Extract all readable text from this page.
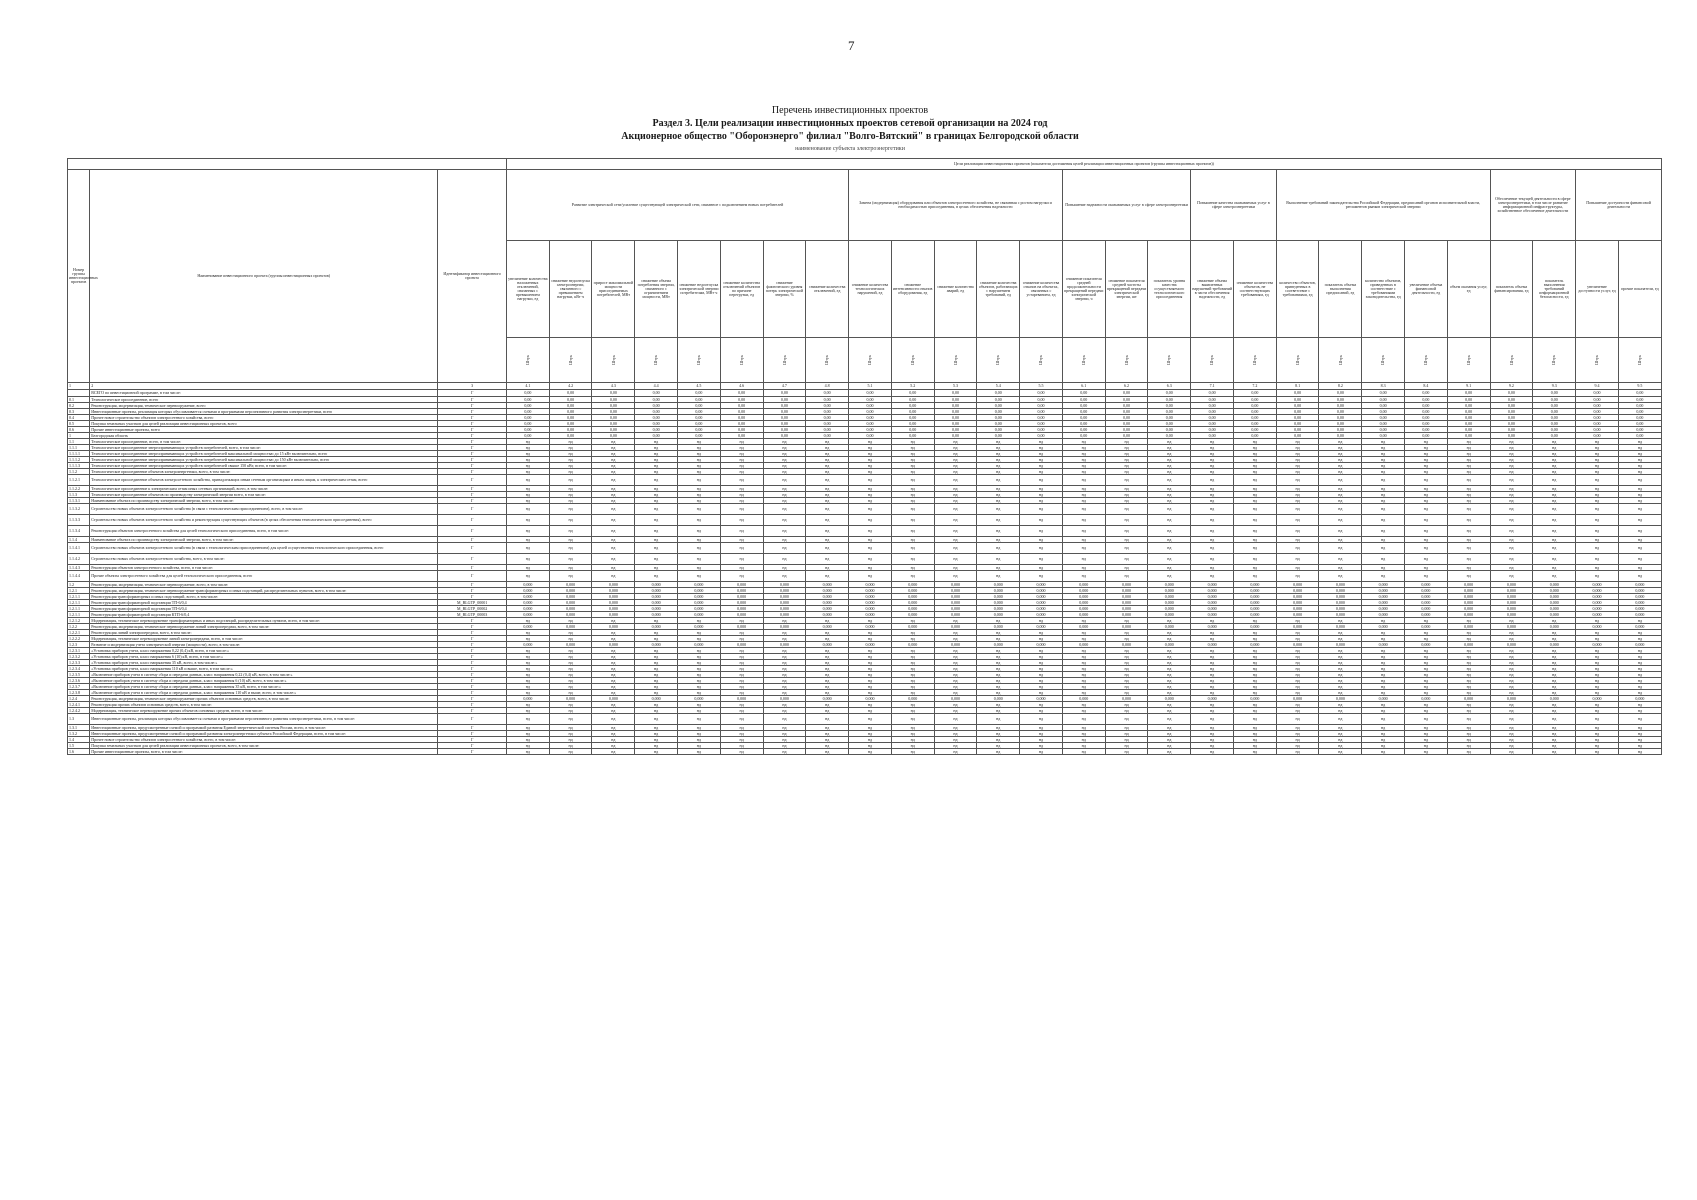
7
Перечень инвестиционных проектов
Раздел 3. Цели реализации инвестиционных проектов сетевой организации на 2024 год
Акционерное общество "Оборонэнерго" филиал "Волго-Вятский" в границах Белгородской области
наименование субъекта электроэнергетики
			Цели реализации инвестиционных проектов (показатели достижения целей реализации инвестиционных проектов (группы инвестиционных проектов))																										
Номер группы инвестиционных проектов	Наименование инвестиционного проекта (группы инвестиционных проектов)	Идентификатор инвестиционного проекта	Развитие электрической сети/усиление существующей электрической сети, связанное с подключением новых потребителей								Замена (модернизация) оборудования или объектов электросетевого хозяйства, не связанная с ростом нагрузки и необходимостью присоединения, в целях обеспечения надежности					Повышение надежности оказываемых услуг в сфере электроэнергетики			Повышение качества оказываемых услуг в сфере электроэнергетики		Выполнение требований законодательства Российской Федерации, предписаний органов исполнительной власти, регламентов рынков электрической энергии					Обеспечение текущей деятельности в сфере электроэнергетики, в том числе развитие информационной инфраструктуры, хозяйственное обеспечение деятельности		Повышение доступности финансовой деятельности	
			увеличение количества наложенных отключений, связанных с превышением нагрузки, ед	снижение недоотпуска электроэнергии, связанного с превышением нагрузки, кВт·ч	прирост максимальной мощности присоединяемых потребителей, МВт	снижение объема потребления энергии, связанного с ограничением мощности, МВт	снижение недоотпуска электрической энергии потребителям, МВт·ч	снижение количества отключений объектов по причине перегрузки, ед	снижение фактического уровня потерь электрической энергии, %	снижение количества отключений, ед	снижение количества технологических нарушений, ед	снижение интенсивности отказов оборудования, ед	снижение количества аварий, ед	снижение количества объектов, работающих с нарушением требований, ед	снижение количества отказов на объектах, связанных с устареванием, ед	снижение показателя средней продолжительности прекращений передачи электрической энергии, ч	снижение показателя средней частоты прекращений передачи электрической энергии, шт	показатель уровня качества осуществляемого технологического присоединения	снижение объема выявленных нарушений требований в части обеспечения надежности, ед	снижение количества объектов, не соответствующих требованиям, ед	количество объектов, приведенных в соответствие с требованиями, ед	показатель объема выполнения предписаний, ед	количество объектов, приведенных в соответствие с требованиями законодательства, ед	увеличение объема финансовой деятельности, ед	объем оказания услуг, ед	показатель объема финансирования, ед	показатель выполнения требований информационной безопасности, ед	увеличение доступности услуг, ед	прочие показатели, ед
			Штук	Штук	Штук	Штук	Штук	Штук	Штук	Штук	Штук	Штук	Штук	Штук	Штук	Штук	Штук	Штук	Штук	Штук	Штук	Штук	Штук	Штук	Штук	Штук	Штук	Штук	Штук
1	2	3	4.1	4.2	4.3	4.4	4.5	4.6	4.7	4.8	5.1	5.2	5.3	5.4	5.5	6.1	6.2	6.3	7.1	7.2	8.1	8.2	8.3	8.4	9.1	9.2	9.3	9.4	9.5
	ВСЕГО по инвестиционной программе, в том числе:	Г	0,00	0,00	0,00	0,00	0,00	0,00	0,00	0,00	0,00	0,00	0,00	0,00	0,00	0,00	0,00	0,00	0,00	0,00	0,00	0,00	0,00	0,00	0,00	0,00	0,00	0,00	0,00
0.1	Технологическое присоединение, всего	Г	0,00	0,00	0,00	0,00	0,00	0,00	0,00	0,00	0,00	0,00	0,00	0,00	0,00	0,00	0,00	0,00	0,00	0,00	0,00	0,00	0,00	0,00	0,00	0,00	0,00	0,00	0,00
0.2	Реконструкция, модернизация, техническое перевооружение, всего	Г	0,00	0,00	0,00	0,00	0,00	0,00	0,00	0,00	0,00	0,00	0,00	0,00	0,00	0,00	0,00	0,00	0,00	0,00	0,00	0,00	0,00	0,00	0,00	0,00	0,00	0,00	0,00
0.3	Инвестиционные проекты, реализация которых обуславливается схемами и программами перспективного развития электроэнергетики, всего	Г	0,00	0,00	0,00	0,00	0,00	0,00	0,00	0,00	0,00	0,00	0,00	0,00	0,00	0,00	0,00	0,00	0,00	0,00	0,00	0,00	0,00	0,00	0,00	0,00	0,00	0,00	0,00
0.4	Прочее новое строительство объектов электросетевого хозяйства, всего	Г	0,00	0,00	0,00	0,00	0,00	0,00	0,00	0,00	0,00	0,00	0,00	0,00	0,00	0,00	0,00	0,00	0,00	0,00	0,00	0,00	0,00	0,00	0,00	0,00	0,00	0,00	0,00
0.5	Покупка земельных участков для целей реализации инвестиционных проектов, всего	Г	0,00	0,00	0,00	0,00	0,00	0,00	0,00	0,00	0,00	0,00	0,00	0,00	0,00	0,00	0,00	0,00	0,00	0,00	0,00	0,00	0,00	0,00	0,00	0,00	0,00	0,00	0,00
0.6	Прочие инвестиционные проекты, всего	Г	0,00	0,00	0,00	0,00	0,00	0,00	0,00	0,00	0,00	0,00	0,00	0,00	0,00	0,00	0,00	0,00	0,00	0,00	0,00	0,00	0,00	0,00	0,00	0,00	0,00	0,00	0,00
1	Белгородская область	Г	0,00	0,00	0,00	0,00	0,00	0,00	0,00	0,00	0,00	0,00	0,00	0,00	0,00	0,00	0,00	0,00	0,00	0,00	0,00	0,00	0,00	0,00	0,00	0,00	0,00	0,00	0,00
1.1	Технологическое присоединение, всего, в том числе:	Г	нд	нд	нд	нд	нд	нд	нд	нд	нд	нд	нд	нд	нд	нд	нд	нд	нд	нд	нд	нд	нд	нд	нд	нд	нд	нд	нд
1.1.1	Технологическое присоединение энергопринимающих устройств потребителей, всего, в том числе:	Г	нд	нд	нд	нд	нд	нд	нд	нд	нд	нд	нд	нд	нд	нд	нд	нд	нд	нд	нд	нд	нд	нд	нд	нд	нд	нд	нд
1.1.1.1	Технологическое присоединение энергопринимающих устройств потребителей максимальной мощностью до 15 кВт включительно, всего	Г	нд	нд	нд	нд	нд	нд	нд	нд	нд	нд	нд	нд	нд	нд	нд	нд	нд	нд	нд	нд	нд	нд	нд	нд	нд	нд	нд
1.1.1.2	Технологическое присоединение энергопринимающих устройств потребителей максимальной мощностью до 150 кВт включительно, всего	Г	нд	нд	нд	нд	нд	нд	нд	нд	нд	нд	нд	нд	нд	нд	нд	нд	нд	нд	нд	нд	нд	нд	нд	нд	нд	нд	нд
1.1.1.3	Технологическое присоединение энергопринимающих устройств потребителей свыше 150 кВт, всего, в том числе:	Г	нд	нд	нд	нд	нд	нд	нд	нд	нд	нд	нд	нд	нд	нд	нд	нд	нд	нд	нд	нд	нд	нд	нд	нд	нд	нд	нд
1.1.2	Технологическое присоединение объектов электроэнергетики, всего, в том числе:	Г	нд	нд	нд	нд	нд	нд	нд	нд	нд	нд	нд	нд	нд	нд	нд	нд	нд	нд	нд	нд	нд	нд	нд	нд	нд	нд	нд
1.1.2.1	Технологическое присоединение объектов электросетевого хозяйства, принадлежащих иным сетевым организациям и иным лицам, к электрическим сетям, всего	Г	нд	нд	нд	нд	нд	нд	нд	нд	нд	нд	нд	нд	нд	нд	нд	нд	нд	нд	нд	нд	нд	нд	нд	нд	нд	нд	нд
1.1.2.2	Технологическое присоединение к электрическим сетям иных сетевых организаций, всего, в том числе:	Г	нд	нд	нд	нд	нд	нд	нд	нд	нд	нд	нд	нд	нд	нд	нд	нд	нд	нд	нд	нд	нд	нд	нд	нд	нд	нд	нд
1.1.3	Технологическое присоединение объектов по производству электрической энергии всего, в том числе:	Г	нд	нд	нд	нд	нд	нд	нд	нд	нд	нд	нд	нд	нд	нд	нд	нд	нд	нд	нд	нд	нд	нд	нд	нд	нд	нд	нд
1.1.3.1	Наименование объекта по производству электрической энергии, всего, в том числе:	Г	нд	нд	нд	нд	нд	нд	нд	нд	нд	нд	нд	нд	нд	нд	нд	нд	нд	нд	нд	нд	нд	нд	нд	нд	нд	нд	нд
1.1.3.2	Строительство новых объектов электросетевого хозяйства (в связи с технологическим присоединением), всего, в том числе:	Г	нд	нд	нд	нд	нд	нд	нд	нд	нд	нд	нд	нд	нд	нд	нд	нд	нд	нд	нд	нд	нд	нд	нд	нд	нд	нд	нд
1.1.3.3	Строительство новых объектов электросетевого хозяйства и реконструкция существующих объектов (в целях обеспечения технологического присоединения), всего	Г	нд	нд	нд	нд	нд	нд	нд	нд	нд	нд	нд	нд	нд	нд	нд	нд	нд	нд	нд	нд	нд	нд	нд	нд	нд	нд	нд
1.1.3.4	Реконструкция объектов электросетевого хозяйства для целей технологического присоединения, всего, в том числе:	Г	нд	нд	нд	нд	нд	нд	нд	нд	нд	нд	нд	нд	нд	нд	нд	нд	нд	нд	нд	нд	нд	нд	нд	нд	нд	нд	нд
1.1.4	Наименование объекта по производству электрической энергии, всего, в том числе:	Г	нд	нд	нд	нд	нд	нд	нд	нд	нд	нд	нд	нд	нд	нд	нд	нд	нд	нд	нд	нд	нд	нд	нд	нд	нд	нд	нд
1.1.4.1	Строительство новых объектов электросетевого хозяйства (в связи с технологическим присоединением) для целей осуществления технологического присоединения, всего	Г	нд	нд	нд	нд	нд	нд	нд	нд	нд	нд	нд	нд	нд	нд	нд	нд	нд	нд	нд	нд	нд	нд	нд	нд	нд	нд	нд
1.1.4.2	Строительство новых объектов электросетевого хозяйства, всего, в том числе:	Г	нд	нд	нд	нд	нд	нд	нд	нд	нд	нд	нд	нд	нд	нд	нд	нд	нд	нд	нд	нд	нд	нд	нд	нд	нд	нд	нд
1.1.4.3	Реконструкция объектов электросетевого хозяйства, всего, в том числе:	Г	нд	нд	нд	нд	нд	нд	нд	нд	нд	нд	нд	нд	нд	нд	нд	нд	нд	нд	нд	нд	нд	нд	нд	нд	нд	нд	нд
1.1.4.4	Прочие объекты электросетевого хозяйства для целей технологического присоединения, всего	Г	нд	нд	нд	нд	нд	нд	нд	нд	нд	нд	нд	нд	нд	нд	нд	нд	нд	нд	нд	нд	нд	нд	нд	нд	нд	нд	нд
1.2	Реконструкция, модернизация, техническое перевооружение, всего, в том числе:	Г	0,000	0,000	0,000	0,000	0,000	0,000	0,000	0,000	0,000	0,000	0,000	0,000	0,000	0,000	0,000	0,000	0,000	0,000	0,000	0,000	0,000	0,000	0,000	0,000	0,000	0,000	0,000
1.2.1	Реконструкция, модернизация, техническое перевооружение трансформаторных и иных подстанций, распределительных пунктов, всего, в том числе:	Г	0,000	0,000	0,000	0,000	0,000	0,000	0,000	0,000	0,000	0,000	0,000	0,000	0,000	0,000	0,000	0,000	0,000	0,000	0,000	0,000	0,000	0,000	0,000	0,000	0,000	0,000	0,000
1.2.1.1	Реконструкция трансформаторных и иных подстанций, всего, в том числе:	Г	0,000	0,000	0,000	0,000	0,000	0,000	0,000	0,000	0,000	0,000	0,000	0,000	0,000	0,000	0,000	0,000	0,000	0,000	0,000	0,000	0,000	0,000	0,000	0,000	0,000	0,000	0,000
1.2.1.1	Реконструкция трансформаторной подстанции ТП-6/0,4	M_BLGTP_00001	0,000	0,000	0,000	0,000	0,000	0,000	0,000	0,000	0,000	0,000	0,000	0,000	0,000	0,000	0,000	0,000	0,000	0,000	0,000	0,000	0,000	0,000	0,000	0,000	0,000	0,000	0,000
1.2.1.1	Реконструкция трансформаторной подстанции ТП-6/0,4	M_BLGTP_00002	0,000	0,000	0,000	0,000	0,000	0,000	0,000	0,000	0,000	0,000	0,000	0,000	0,000	0,000	0,000	0,000	0,000	0,000	0,000	0,000	0,000	0,000	0,000	0,000	0,000	0,000	0,000
1.2.1.1	Реконструкция трансформаторной подстанции КТП-6/0,4	M_BLGTP_00003	0,000	0,000	0,000	0,000	0,000	0,000	0,000	0,000	0,000	0,000	0,000	0,000	0,000	0,000	0,000	0,000	0,000	0,000	0,000	0,000	0,000	0,000	0,000	0,000	0,000	0,000	0,000
1.2.1.2	Модернизация, техническое перевооружение трансформаторных и иных подстанций, распределительных пунктов, всего, в том числе:	Г	нд	нд	нд	нд	нд	нд	нд	нд	нд	нд	нд	нд	нд	нд	нд	нд	нд	нд	нд	нд	нд	нд	нд	нд	нд	нд	нд
1.2.2	Реконструкция, модернизация, техническое перевооружение линий электропередачи, всего, в том числе:	Г	0,000	0,000	0,000	0,000	0,000	0,000	0,000	0,000	0,000	0,000	0,000	0,000	0,000	0,000	0,000	0,000	0,000	0,000	0,000	0,000	0,000	0,000	0,000	0,000	0,000	0,000	0,000
1.2.2.1	Реконструкция линий электропередачи, всего, в том числе:	Г	нд	нд	нд	нд	нд	нд	нд	нд	нд	нд	нд	нд	нд	нд	нд	нд	нд	нд	нд	нд	нд	нд	нд	нд	нд	нд	нд
1.2.2.2	Модернизация, техническое перевооружение линий электропередачи, всего, в том числе:	Г	нд	нд	нд	нд	нд	нд	нд	нд	нд	нд	нд	нд	нд	нд	нд	нд	нд	нд	нд	нд	нд	нд	нд	нд	нд	нд	нд
1.2.3	Развитие и модернизация учета электрической энергии (мощности), всего, в том числе:	Г	0,000	0,000	0,000	0,000	0,000	0,000	0,000	0,000	0,000	0,000	0,000	0,000	0,000	0,000	0,000	0,000	0,000	0,000	0,000	0,000	0,000	0,000	0,000	0,000	0,000	0,000	0,000
1.2.3.1	«Установка приборов учета, класс напряжения 0,22 (0,4) кВ, всего, в том числе:»	Г	нд	нд	нд	нд	нд	нд	нд	нд	нд	нд	нд	нд	нд	нд	нд	нд	нд	нд	нд	нд	нд	нд	нд	нд	нд	нд	нд
1.2.3.2	«Установка приборов учета, класс напряжения 6 (10) кВ, всего, в том числе:»	Г	нд	нд	нд	нд	нд	нд	нд	нд	нд	нд	нд	нд	нд	нд	нд	нд	нд	нд	нд	нд	нд	нд	нд	нд	нд	нд	нд
1.2.3.3	«Установка приборов учета, класс напряжения 35 кВ, всего, в том числе:»	Г	нд	нд	нд	нд	нд	нд	нд	нд	нд	нд	нд	нд	нд	нд	нд	нд	нд	нд	нд	нд	нд	нд	нд	нд	нд	нд	нд
1.2.3.4	«Установка приборов учета, класс напряжения 110 кВ и выше, всего, в том числе:»	Г	нд	нд	нд	нд	нд	нд	нд	нд	нд	нд	нд	нд	нд	нд	нд	нд	нд	нд	нд	нд	нд	нд	нд	нд	нд	нд	нд
1.2.3.5	«Включение приборов учета в систему сбора и передачи данных, класс напряжения 0,22 (0,4) кВ, всего, в том числе:»	Г	нд	нд	нд	нд	нд	нд	нд	нд	нд	нд	нд	нд	нд	нд	нд	нд	нд	нд	нд	нд	нд	нд	нд	нд	нд	нд	нд
1.2.3.6	«Включение приборов учета в систему сбора и передачи данных, класс напряжения 6 (10) кВ, всего, в том числе:»	Г	нд	нд	нд	нд	нд	нд	нд	нд	нд	нд	нд	нд	нд	нд	нд	нд	нд	нд	нд	нд	нд	нд	нд	нд	нд	нд	нд
1.2.3.7	«Включение приборов учета в систему сбора и передачи данных, класс напряжения 35 кВ, всего, в том числе:»	Г	нд	нд	нд	нд	нд	нд	нд	нд	нд	нд	нд	нд	нд	нд	нд	нд	нд	нд	нд	нд	нд	нд	нд	нд	нд	нд	нд
1.2.3.8	«Включение приборов учета в систему сбора и передачи данных, класс напряжения 110 кВ и выше, всего, в том числе:»	Г	нд	нд	нд	нд	нд	нд	нд	нд	нд	нд	нд	нд	нд	нд	нд	нд	нд	нд	нд	нд	нд	нд	нд	нд	нд	нд	нд
1.2.4	Реконструкция, модернизация, техническое перевооружение прочих объектов основных средств, всего, в том числе:	Г	0,000	0,000	0,000	0,000	0,000	0,000	0,000	0,000	0,000	0,000	0,000	0,000	0,000	0,000	0,000	0,000	0,000	0,000	0,000	0,000	0,000	0,000	0,000	0,000	0,000	0,000	0,000
1.2.4.1	Реконструкция прочих объектов основных средств, всего, в том числе:	Г	нд	нд	нд	нд	нд	нд	нд	нд	нд	нд	нд	нд	нд	нд	нд	нд	нд	нд	нд	нд	нд	нд	нд	нд	нд	нд	нд
1.2.4.2	Модернизация, техническое перевооружение прочих объектов основных средств, всего, в том числе:	Г	нд	нд	нд	нд	нд	нд	нд	нд	нд	нд	нд	нд	нд	нд	нд	нд	нд	нд	нд	нд	нд	нд	нд	нд	нд	нд	нд
1.3	Инвестиционные проекты, реализация которых обуславливается схемами и программами перспективного развития электроэнергетики, всего, в том числе:	Г	нд	нд	нд	нд	нд	нд	нд	нд	нд	нд	нд	нд	нд	нд	нд	нд	нд	нд	нд	нд	нд	нд	нд	нд	нд	нд	нд
1.3.1	Инвестиционные проекты, предусмотренные схемой и программой развития Единой энергетической системы России, всего, в том числе:	Г	нд	нд	нд	нд	нд	нд	нд	нд	нд	нд	нд	нд	нд	нд	нд	нд	нд	нд	нд	нд	нд	нд	нд	нд	нд	нд	нд
1.3.2	Инвестиционные проекты, предусмотренные схемой и программой развития электроэнергетики субъекта Российской Федерации, всего, в том числе:	Г	нд	нд	нд	нд	нд	нд	нд	нд	нд	нд	нд	нд	нд	нд	нд	нд	нд	нд	нд	нд	нд	нд	нд	нд	нд	нд	нд
1.4	Прочее новое строительство объектов электросетевого хозяйства, всего, в том числе:	Г	нд	нд	нд	нд	нд	нд	нд	нд	нд	нд	нд	нд	нд	нд	нд	нд	нд	нд	нд	нд	нд	нд	нд	нд	нд	нд	нд
1.5	Покупка земельных участков для целей реализации инвестиционных проектов, всего, в том числе:	Г	нд	нд	нд	нд	нд	нд	нд	нд	нд	нд	нд	нд	нд	нд	нд	нд	нд	нд	нд	нд	нд	нд	нд	нд	нд	нд	нд
1.6	Прочие инвестиционные проекты, всего, в том числе:	Г	нд	нд	нд	нд	нд	нд	нд	нд	нд	нд	нд	нд	нд	нд	нд	нд	нд	нд	нд	нд	нд	нд	нд	нд	нд	нд	нд
